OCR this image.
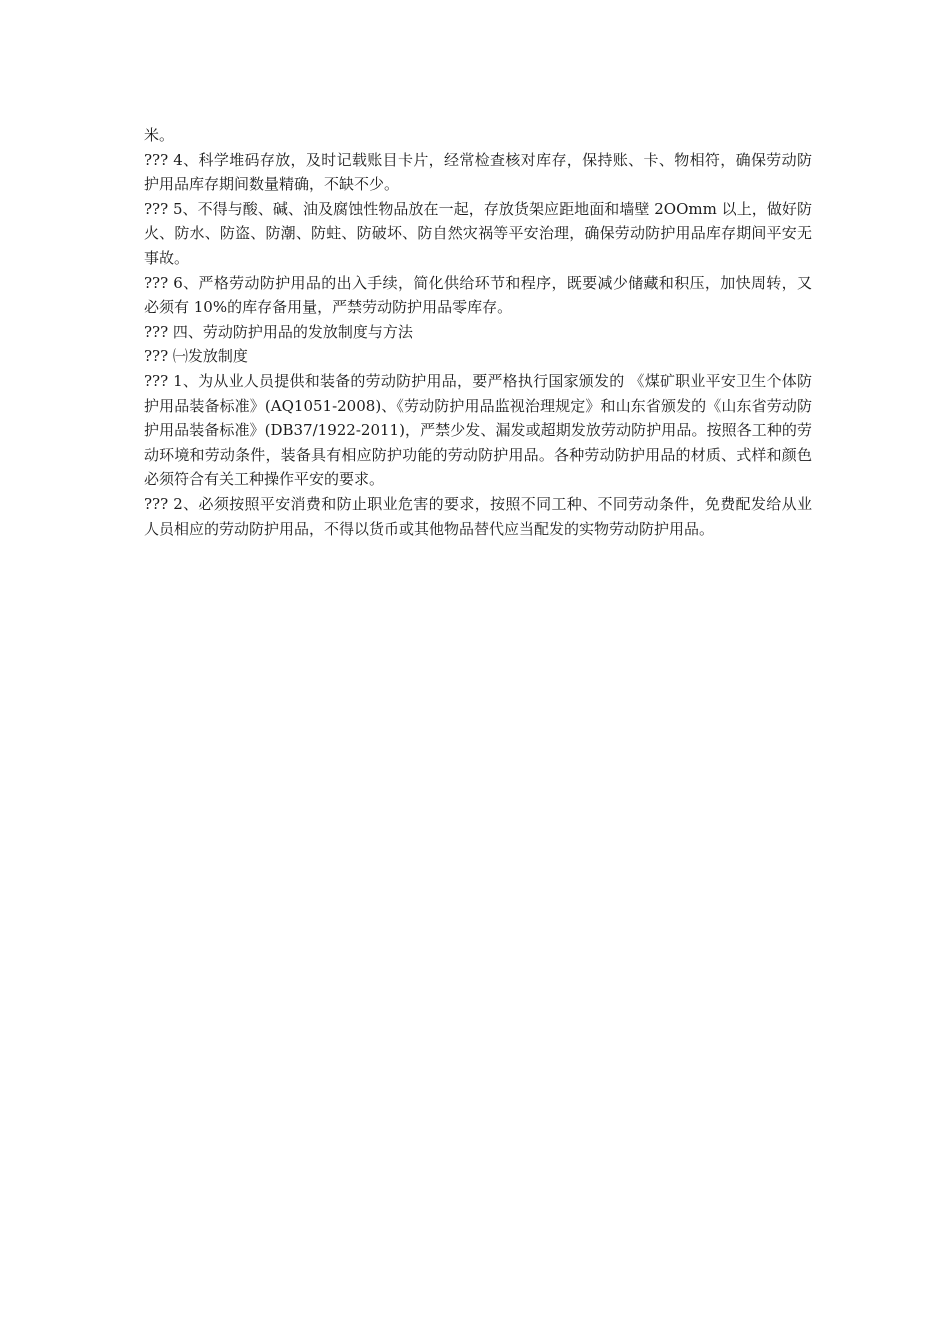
米。

??? 4、科学堆码存放，及时记载账目卡片，经常检查核对库存，保持账、卡、物相符，确保劳动防护用品库存期间数量精确，不缺不少。

??? 5、不得与酸、碱、油及腐蚀性物品放在一起，存放货架应距地面和墙壁 2OOmm 以上，做好防火、防水、防盗、防潮、防蛀、防破坏、防自然灾祸等平安治理，确保劳动防护用品库存期间平安无事故。

??? 6、严格劳动防护用品的出入手续，简化供给环节和程序，既要减少储藏和积压，加快周转，又必须有 10%的库存备用量，严禁劳动防护用品零库存。

??? 四、劳动防护用品的发放制度与方法

??? ㈠发放制度

??? 1、为从业人员提供和装备的劳动防护用品，要严格执行国家颁发的 《煤矿职业平安卫生个体防护用品装备标准》(AQ1051-2008)、《劳动防护用品监视治理规定》和山东省颁发的《山东省劳动防护用品装备标准》(DB37/1922-2011)，严禁少发、漏发或超期发放劳动防护用品。按照各工种的劳动环境和劳动条件，装备具有相应防护功能的劳动防护用品。各种劳动防护用品的材质、式样和颜色必须符合有关工种操作平安的要求。

??? 2、必须按照平安消费和防止职业危害的要求，按照不同工种、不同劳动条件，免费配发给从业人员相应的劳动防护用品，不得以货币或其他物品替代应当配发的实物劳动防护用品。
